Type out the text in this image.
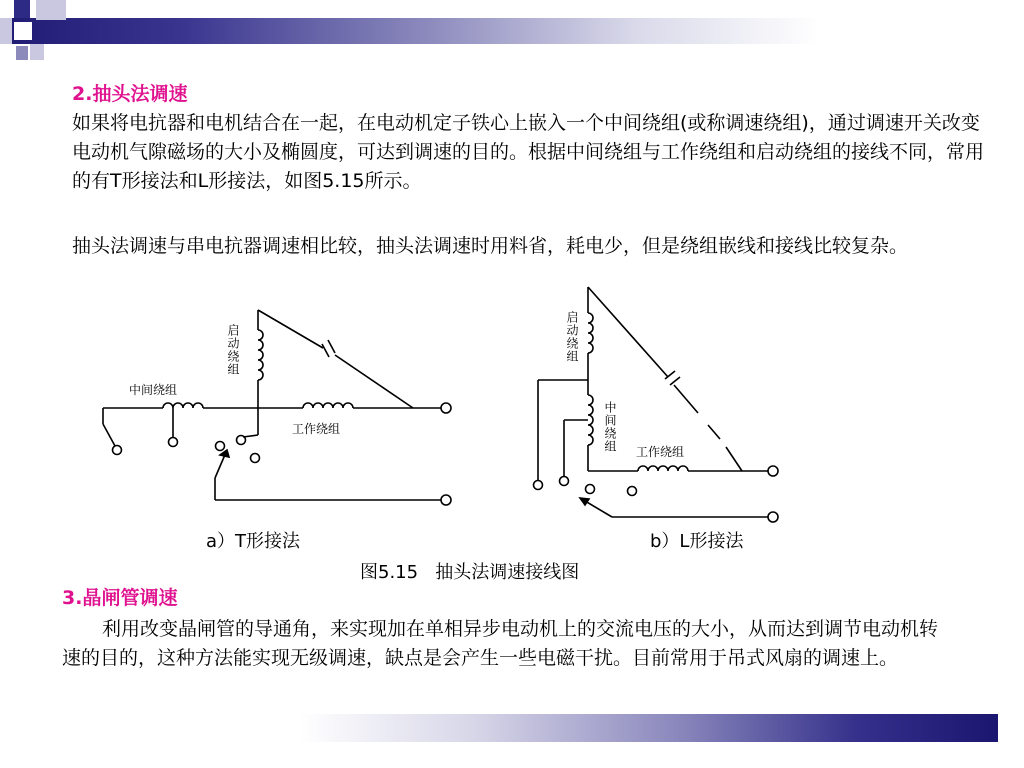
2.抽头法调速
如果将电抗器和电机结合在一起，在电动机定子铁心上嵌入一个中间绕组(或称调速绕组)，通过调速开关改变电动机气隙磁场的大小及椭圆度，可达到调速的目的。根据中间绕组与工作绕组和启动绕组的接线不同，常用的有T形接法和L形接法，如图5.15所示。
抽头法调速与串电抗器调速相比较，抽头法调速时用料省，耗电少，但是绕组嵌线和接线比较复杂。
启动绕组
中间绕组
工作绕组
启动绕组
中间绕组 工作绕组
a）T形接法	b）L形接法
图5.15   抽头法调速接线图
3.晶闸管调速
利用改变晶闸管的导通角，来实现加在单相异步电动机上的交流电压的大小，从而达到调节电动机转速的目的，这种方法能实现无级调速，缺点是会产生一些电磁干扰。目前常用于吊式风扇的调速上。
